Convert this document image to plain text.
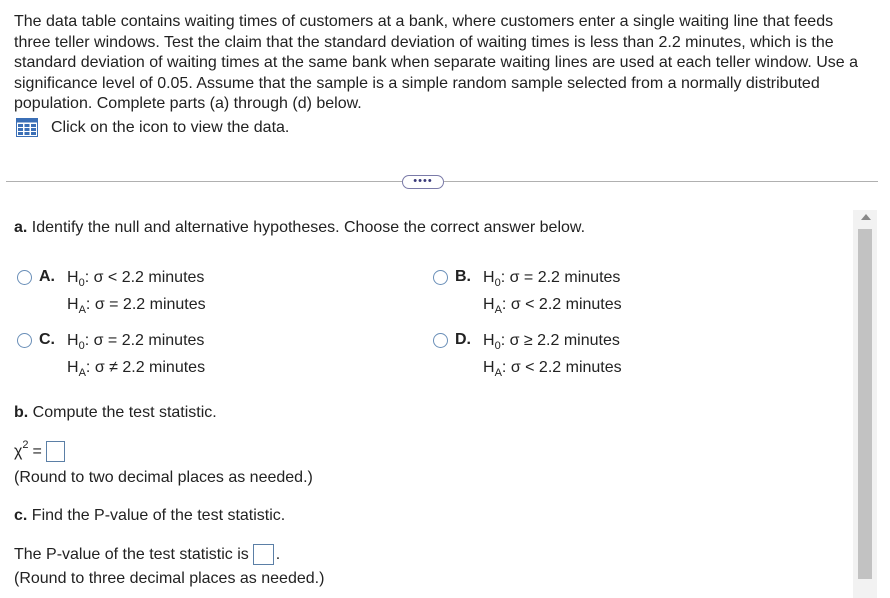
The data table contains waiting times of customers at a bank, where customers enter a single waiting line that feeds three teller windows. Test the claim that the standard deviation of waiting times is less than 2.2 minutes, which is the standard deviation of waiting times at the same bank when separate waiting lines are used at each teller window. Use a significance level of 0.05. Assume that the sample is a simple random sample selected from a normally distributed population. Complete parts (a) through (d) below.
Click on the icon to view the data.
••••
a. Identify the null and alternative hypotheses. Choose the correct answer below.
A. $H_0$: σ < 2.2 minutes
$H_A$: σ = 2.2 minutes
B. $H_0$: σ = 2.2 minutes
$H_A$: σ < 2.2 minutes
C. $H_0$: σ = 2.2 minutes
$H_A$: σ ≠ 2.2 minutes
D. $H_0$: σ ≥ 2.2 minutes
$H_A$: σ < 2.2 minutes
b. Compute the test statistic.
χ 2 =
(Round to two decimal places as needed.)
c. Find the P-value of the test statistic.
The P-value of the test statistic is .
(Round to three decimal places as needed.)
